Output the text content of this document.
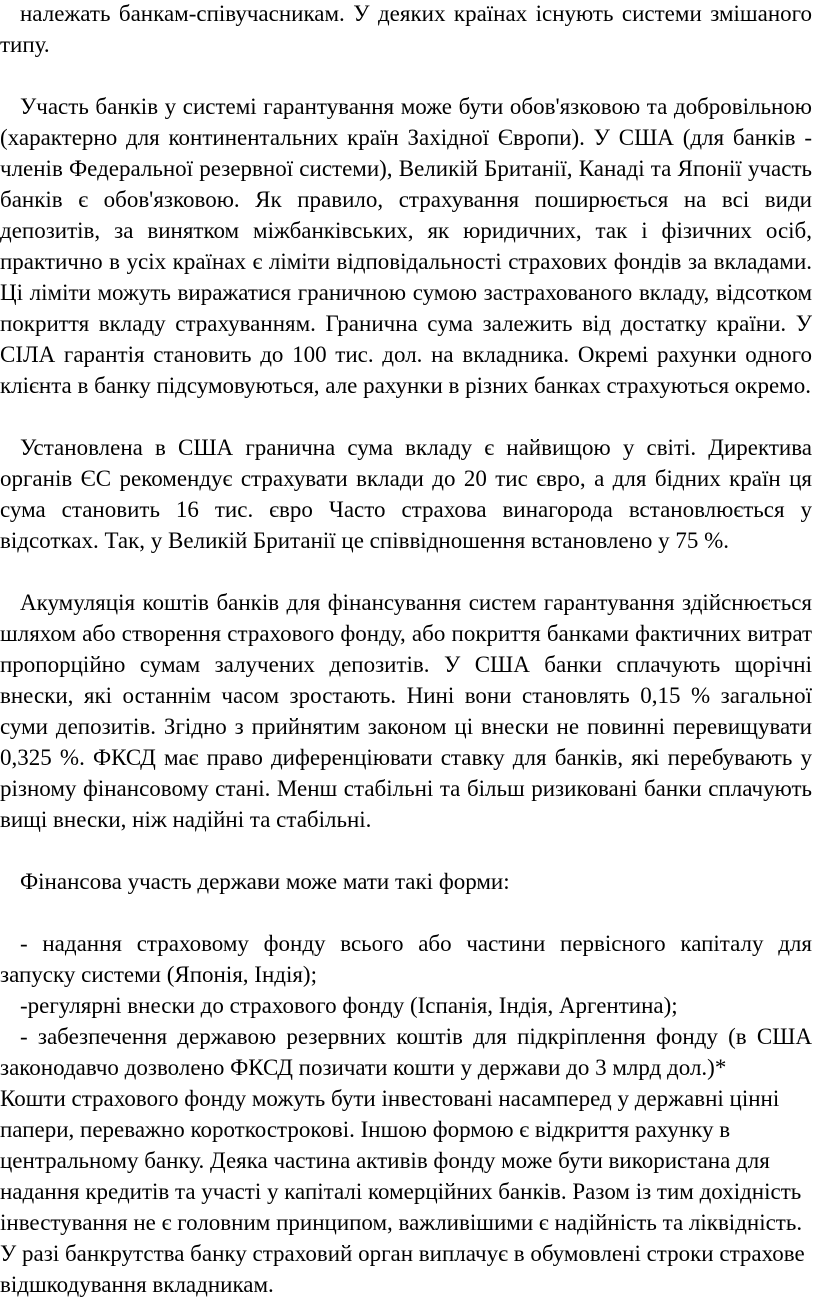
належать банкам-співучасникам. У деяких країнах існують системи змішаного типу.

Участь банків у системі гарантування може бути обов'язковою та добровільною (характерно для континентальних країн Західної Європи). У США (для банків - членів Федеральної резервної системи), Великій Британії, Канаді та Японії участь банків є обов'язковою. Як правило, страхування поширюється на всі види депозитів, за винятком міжбанківських, як юридичних, так і фізичних осіб, практично в усіх країнах є ліміти відповідальності страхових фондів за вкладами. Ці ліміти можуть виражатися граничною сумою застрахованого вкладу, відсотком покриття вкладу страхуванням. Гранична сума залежить від достатку країни. У СІЛА гарантія становить до 100 тис. дол. на вкладника. Окремі рахунки одного клієнта в банку підсумовуються, але рахунки в різних банках страхуються окремо.

Установлена в США гранична сума вкладу є найвищою у світі. Директива органів ЄС рекомендує страхувати вклади до 20 тис євро, а для бідних країн ця сума становить 16 тис. євро Часто страхова винагорода встановлюється у відсотках. Так, у Великій Британії це співвідношення встановлено у 75 %.

Акумуляція коштів банків для фінансування систем гарантування здійснюється шляхом або створення страхового фонду, або покриття банками фактичних витрат пропорційно сумам залучених депозитів. У США банки сплачують щорічні внески, які останнім часом зростають. Нині вони становлять 0,15 % загальної суми депозитів. Згідно з прийнятим законом ці внески не повинні перевищувати 0,325 %. ФКСД має право диференціювати ставку для банків, які перебувають у різному фінансовому стані. Менш стабільні та більш ризиковані банки сплачують вищі внески, ніж надійні та стабільні.

Фінансова участь держави може мати такі форми:

- надання страховому фонду всього або частини первісного капіталу для запуску системи (Японія, Індія);

-регулярні внески до страхового фонду (Іспанія, Індія, Аргентина);

- забезпечення державою резервних коштів для підкріплення фонду (в США законодавчо дозволено ФКСД позичати кошти у держави до 3 млрд дол.)*

Кошти страхового фонду можуть бути інвестовані насамперед у державні цінні папери, переважно короткострокові. Іншою формою є відкриття рахунку в центральному банку. Деяка частина активів фонду може бути використана для надання кредитів та участі у капіталі комерційних банків. Разом із тим дохідність інвестування не є головним принципом, важливішими є надійність та ліквідність. У разі банкрутства банку страховий орган виплачує в обумовлені строки страхове відшкодування вкладникам.
